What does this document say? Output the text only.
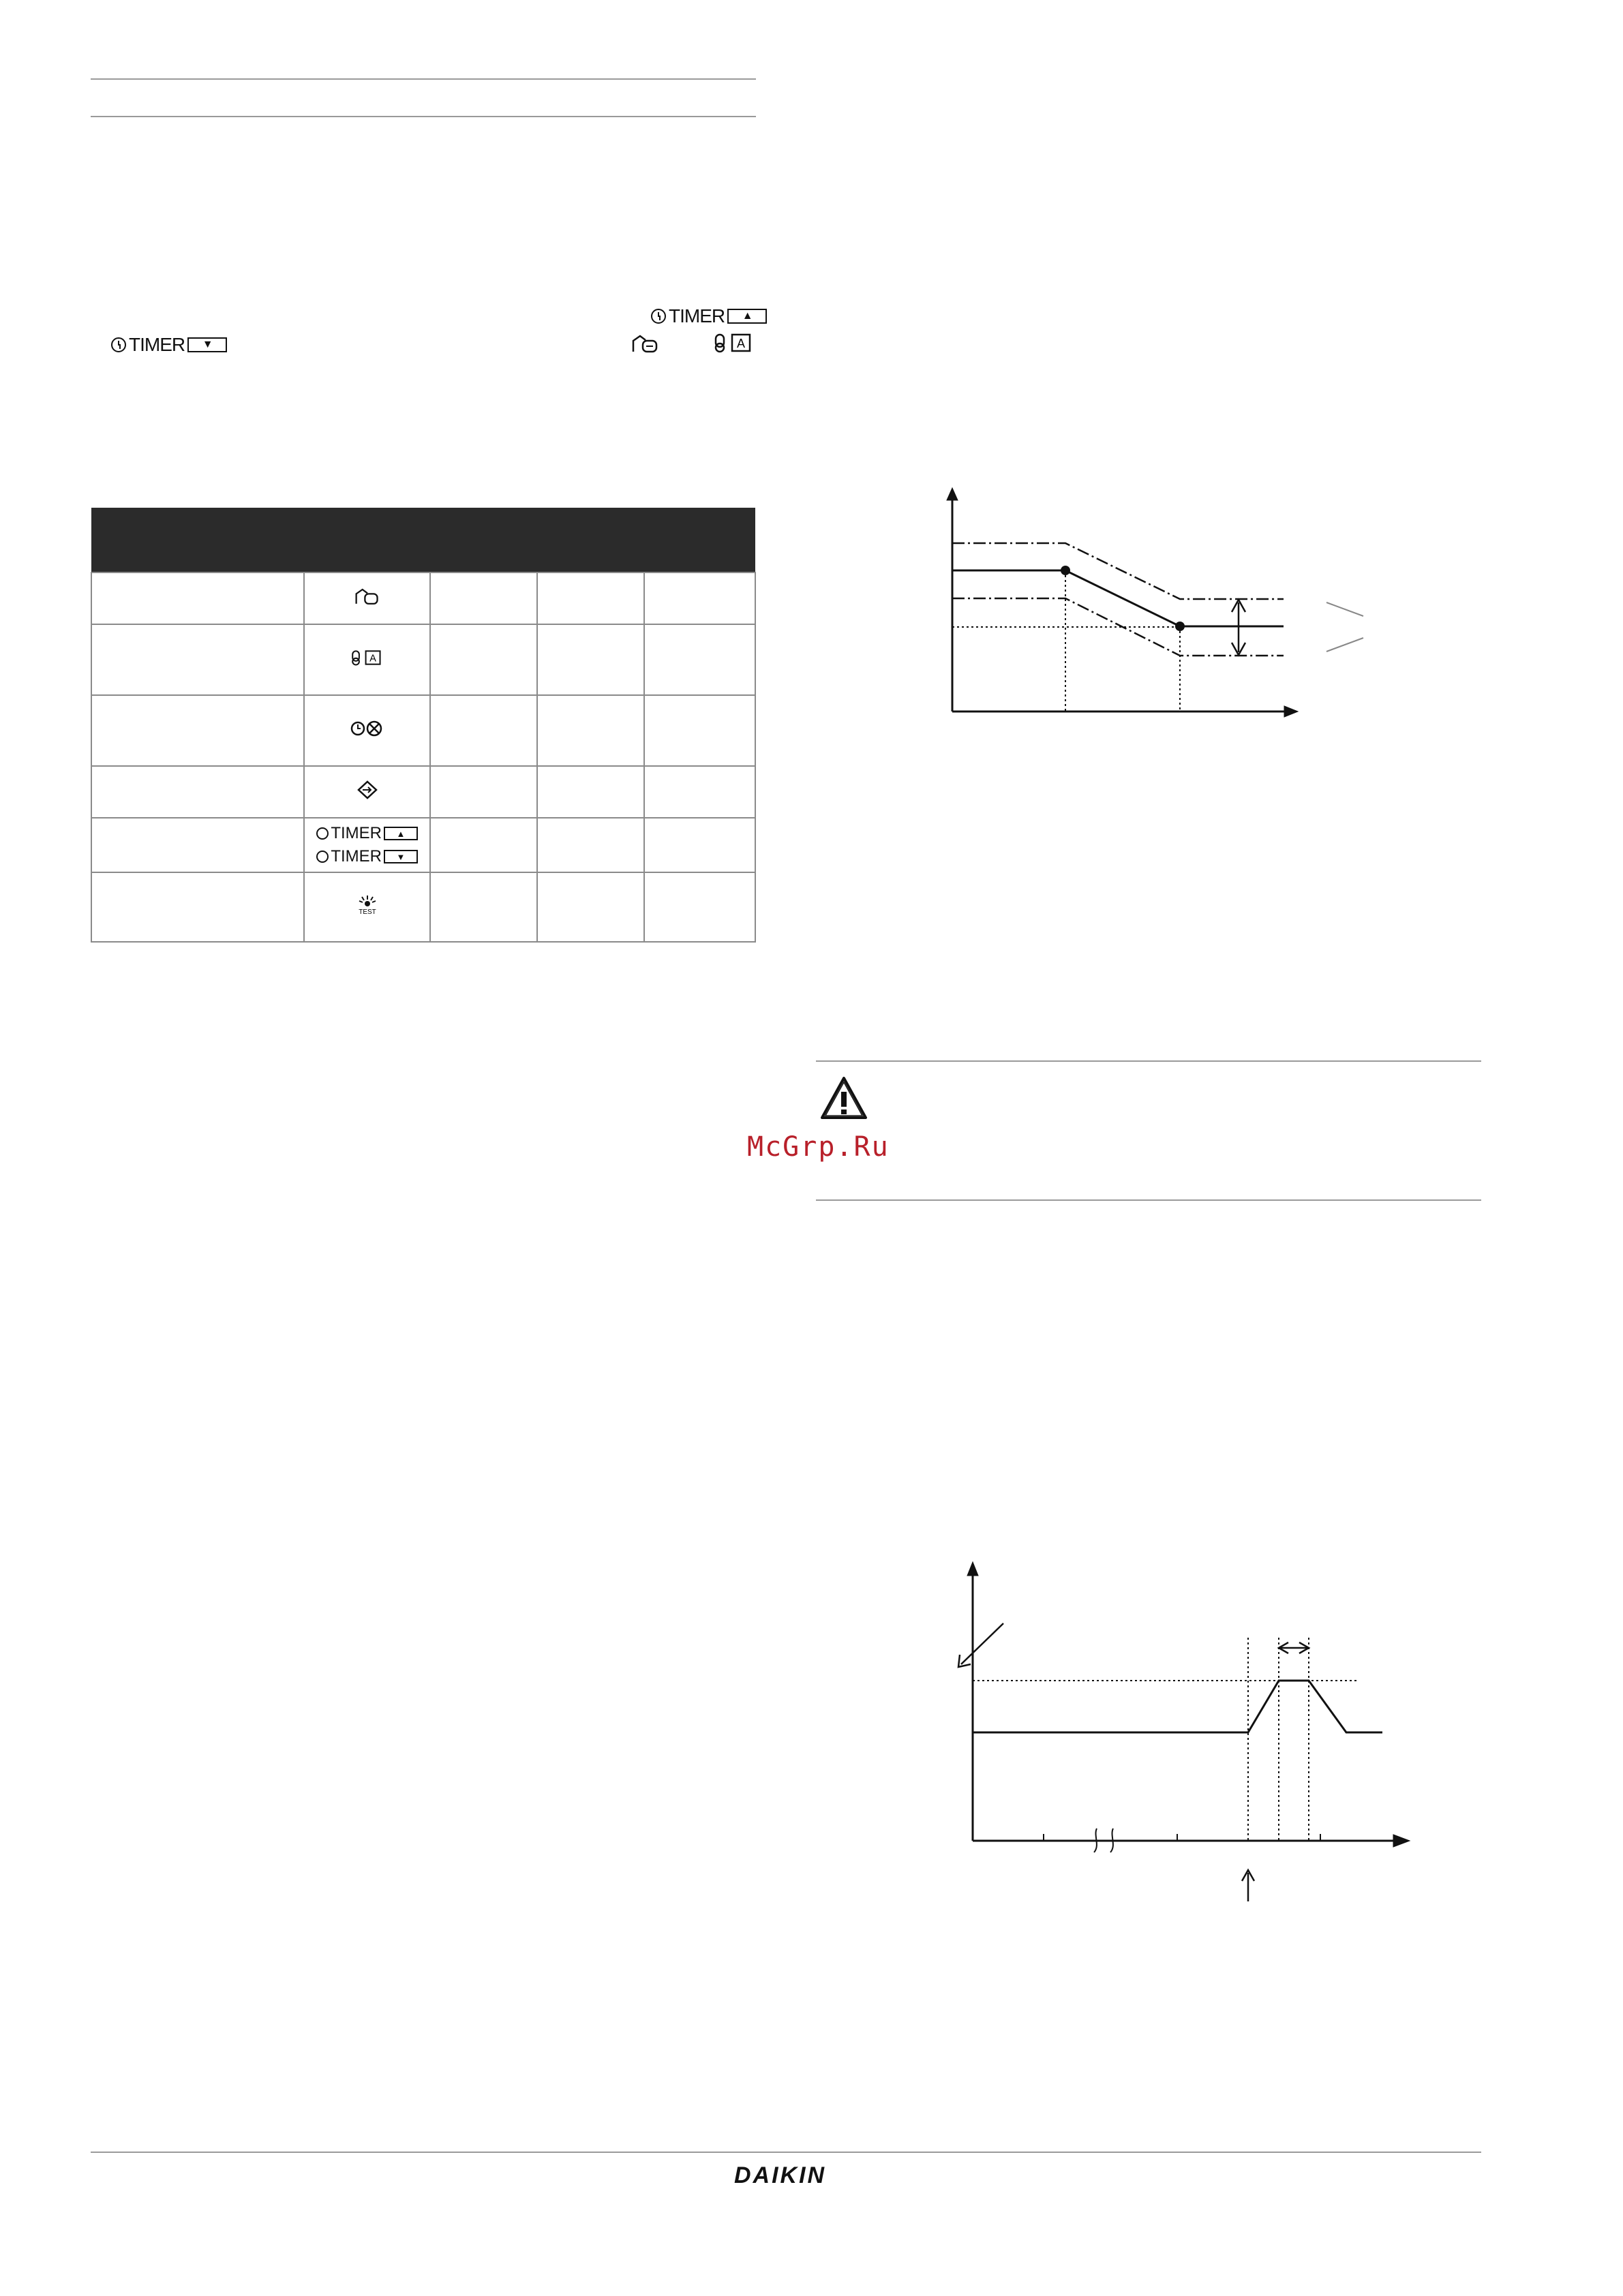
TIMER	▲
TIMER	▼	A

A			

	TIMER ▲
TIMER ▼			

TEST			

McGrp.Ru
DAIKIN
